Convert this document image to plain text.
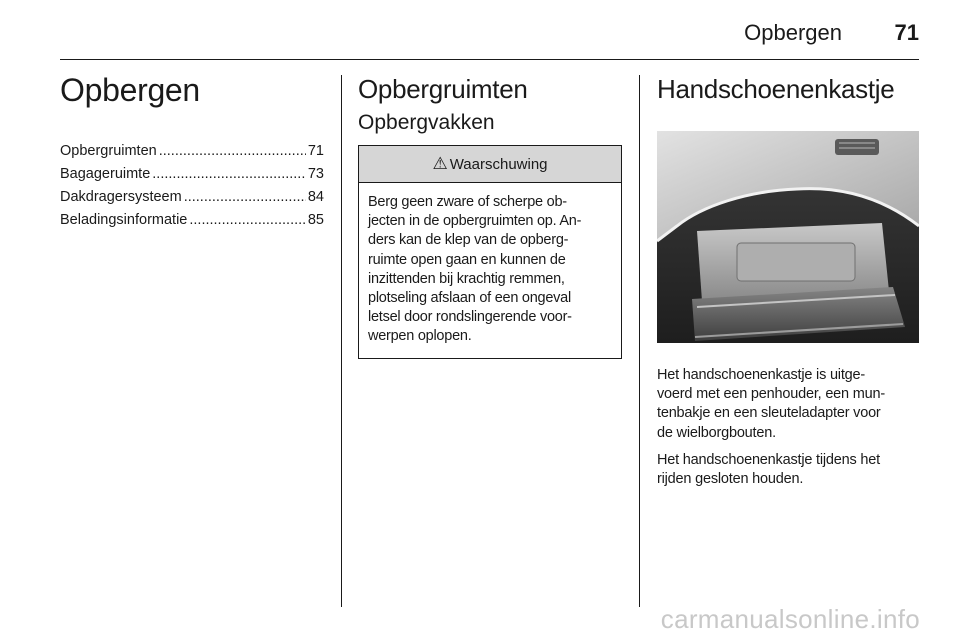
Opbergen 71
Opbergen
Opbergruimten .....	71
Bagageruimte .....	73
Dakdragersysteem .....	84
Beladingsinformatie .....	85
Opbergruimten
Opbergvakken
⚠ Waarschuwing
Berg geen zware of scherpe ob-
jecten in de opbergruimten op. An-
ders kan de klep van de opberg-
ruimte open gaan en kunnen de
inzittenden bij krachtig remmen,
plotseling afslaan of een ongeval
letsel door rondslingerende voor-
werpen oplopen.
Handschoenenkastje

Het handschoenenkastje is uitge-
voerd met een penhouder, een mun-
tenbakje en een sleuteladapter voor
de wielborgbouten.

Het handschoenenkastje tijdens het
rijden gesloten houden.

carmanualsonline.info
